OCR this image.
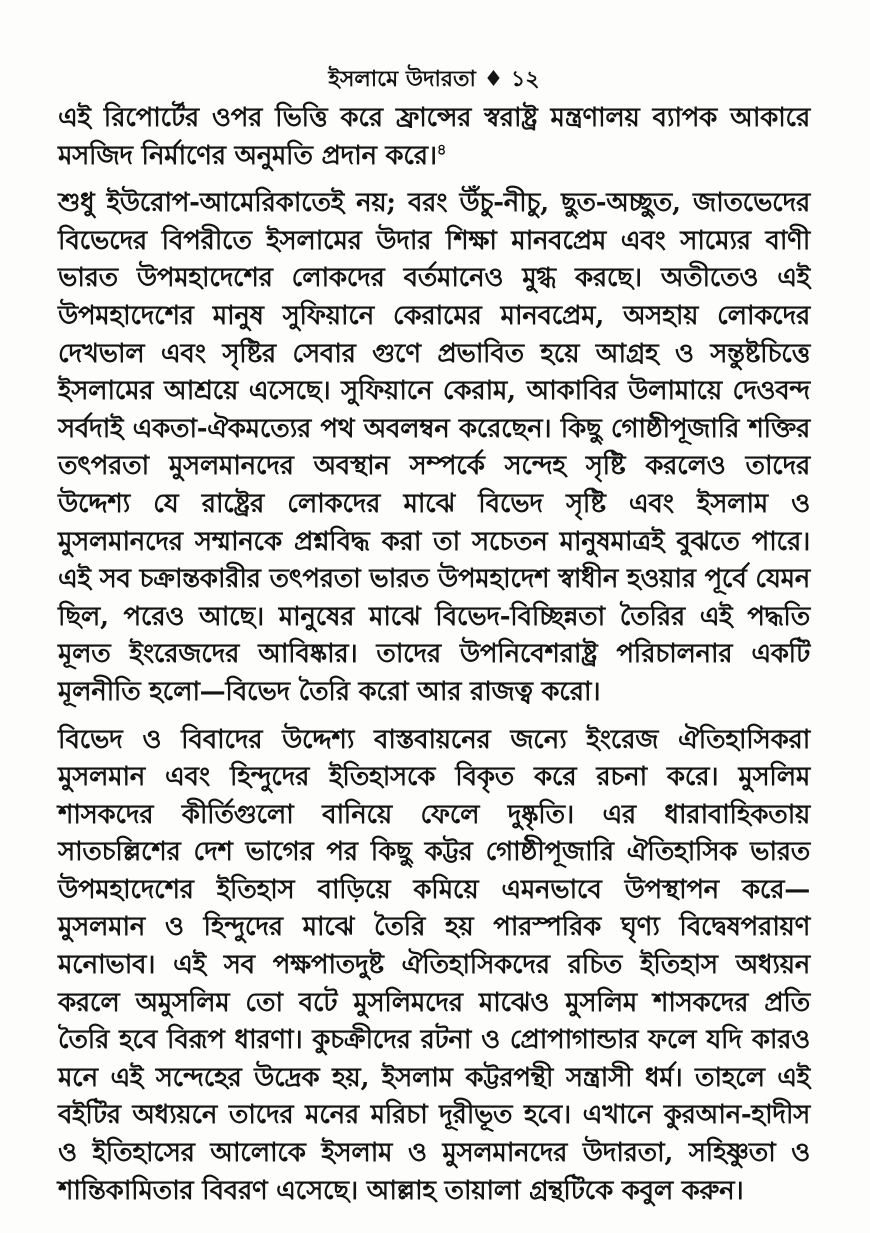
ইসলামে উদারতা ♦ ১২

এই রিপোর্টের ওপর ভিত্তি করে ফ্রান্সের স্বরাষ্ট্র মন্ত্রণালয় ব্যাপক আকারে মসজিদ নির্মাণের অনুমতি প্রদান করে।$^৪$

শুধু ইউরোপ-আমেরিকাতেই নয়; বরং উঁচু-নীচু, ছুত-অচ্ছুত, জাতভেদের বিভেদের বিপরীতে ইসলামের উদার শিক্ষা মানবপ্রেম এবং সাম্যের বাণী ভারত উপমহাদেশের লোকদের বর্তমানেও মুগ্ধ করছে। অতীতেও এই উপমহাদেশের মানুষ সুফিয়ানে কেরামের মানবপ্রেম, অসহায় লোকদের দেখভাল এবং সৃষ্টির সেবার গুণে প্রভাবিত হয়ে আগ্রহ ও সন্তুষ্টচিত্তে ইসলামের আশ্রয়ে এসেছে। সুফিয়ানে কেরাম, আকাবির উলামায়ে দেওবন্দ সর্বদাই একতা-ঐকমত্যের পথ অবলম্বন করেছেন। কিছু গোষ্ঠীপূজারি শক্তির তৎপরতা মুসলমানদের অবস্থান সম্পর্কে সন্দেহ সৃষ্টি করলেও তাদের উদ্দেশ্য যে রাষ্ট্রের লোকদের মাঝে বিভেদ সৃষ্টি এবং ইসলাম ও মুসলমানদের সম্মানকে প্রশ্নবিদ্ধ করা তা সচেতন মানুষমাত্রই বুঝতে পারে। এই সব চক্রান্তকারীর তৎপরতা ভারত উপমহাদেশ স্বাধীন হওয়ার পূর্বে যেমন ছিল, পরেও আছে। মানুষের মাঝে বিভেদ-বিচ্ছিন্নতা তৈরির এই পদ্ধতি মূলত ইংরেজদের আবিষ্কার। তাদের উপনিবেশরাষ্ট্র পরিচালনার একটি মূলনীতি হলো—বিভেদ তৈরি করো আর রাজত্ব করো।

বিভেদ ও বিবাদের উদ্দেশ্য বাস্তবায়নের জন্যে ইংরেজ ঐতিহাসিকরা মুসলমান এবং হিন্দুদের ইতিহাসকে বিকৃত করে রচনা করে। মুসলিম শাসকদের কীর্তিগুলো বানিয়ে ফেলে দুষ্কৃতি। এর ধারাবাহিকতায় সাতচল্লিশের দেশ ভাগের পর কিছু কট্টর গোষ্ঠীপূজারি ঐতিহাসিক ভারত উপমহাদেশের ইতিহাস বাড়িয়ে কমিয়ে এমনভাবে উপস্থাপন করে—মুসলমান ও হিন্দুদের মাঝে তৈরি হয় পারস্পরিক ঘৃণ্য বিদ্বেষপরায়ণ মনোভাব। এই সব পক্ষপাতদুষ্ট ঐতিহাসিকদের রচিত ইতিহাস অধ্যয়ন করলে অমুসলিম তো বটে মুসলিমদের মাঝেও মুসলিম শাসকদের প্রতি তৈরি হবে বিরূপ ধারণা। কুচক্রীদের রটনা ও প্রোপাগান্ডার ফলে যদি কারও মনে এই সন্দেহের উদ্রেক হয়, ইসলাম কট্টরপন্থী সন্ত্রাসী ধর্ম। তাহলে এই বইটির অধ্যয়নে তাদের মনের মরিচা দূরীভূত হবে। এখানে কুরআন-হাদীস ও ইতিহাসের আলোকে ইসলাম ও মুসলমানদের উদারতা, সহিষ্ণুতা ও শান্তিকামিতার বিবরণ এসেছে। আল্লাহ তায়ালা গ্রন্থটিকে কবুল করুন।
